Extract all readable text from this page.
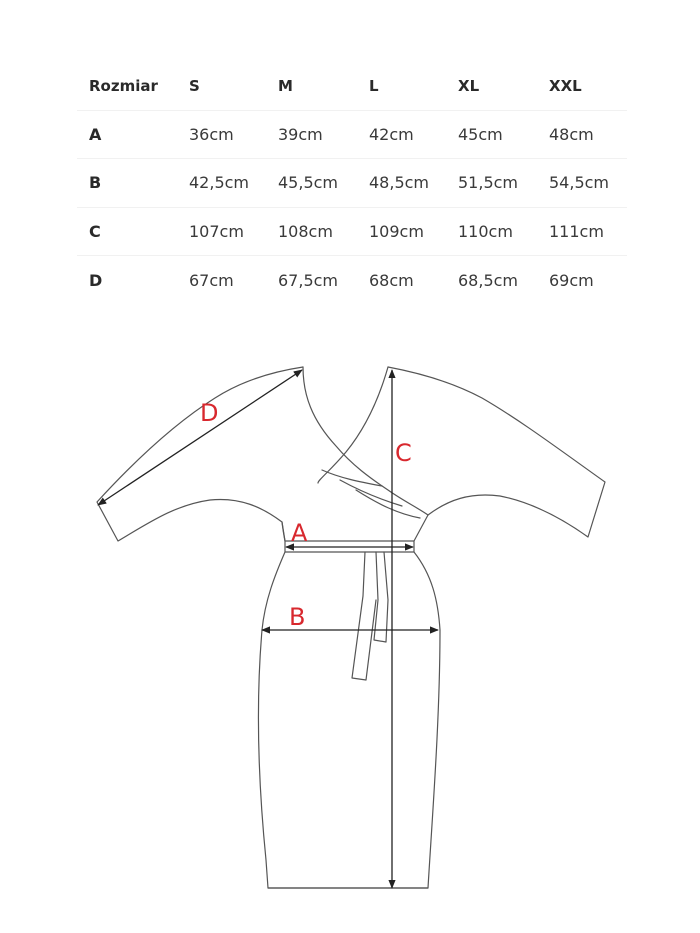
Rozmiar	S	M	L	XL	XXL
A	36cm	39cm	42cm	45cm	48cm
B	42,5cm	45,5cm	48,5cm	51,5cm	54,5cm
C	107cm	108cm	109cm	110cm	111cm
D	67cm	67,5cm	68cm	68,5cm	69cm
D
A
B
C
